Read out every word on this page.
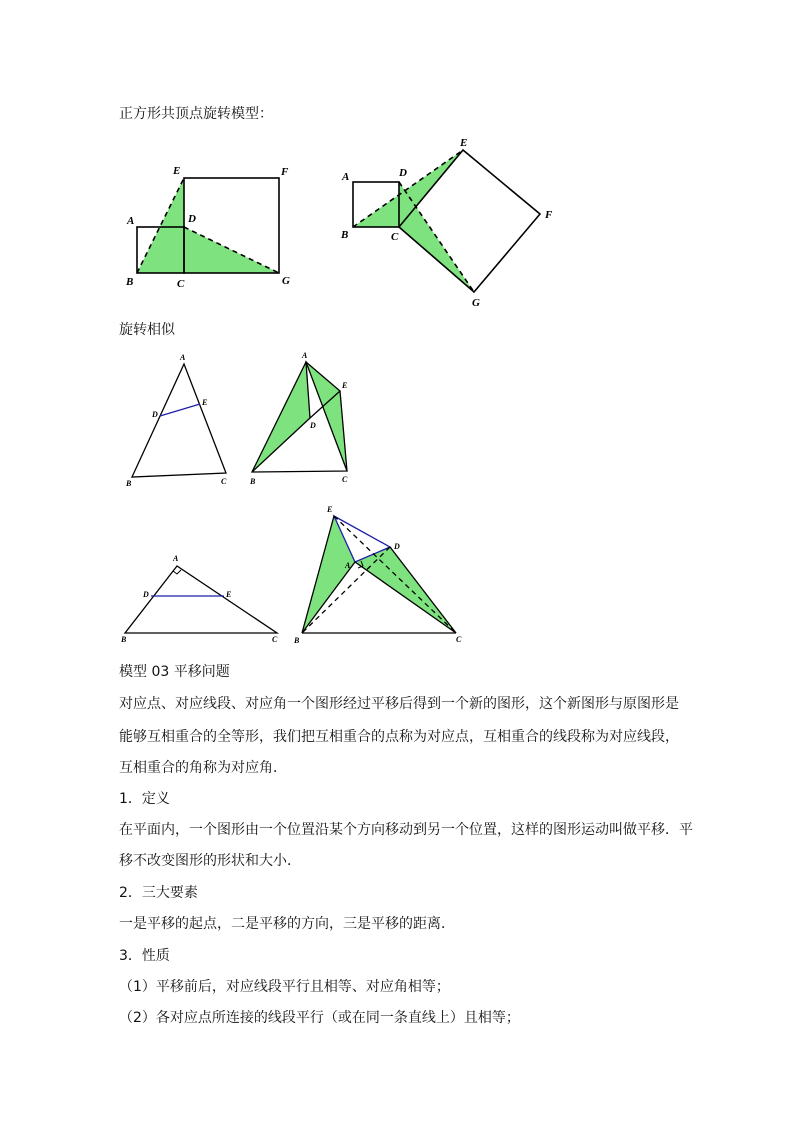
正方形共顶点旋转模型：
E	F
A	D
B	C	G
E
A	D
F
B	C
G
旋转相似
A
D
E
B	C
A
E
D
B	C
A
D	E
B	C
E
D
A
B	C
模型 03 平移问题
对应点、对应线段、对应角一个图形经过平移后得到一个新的图形，这个新图形与原图形是
能够互相重合的全等形，我们把互相重合的点称为对应点，互相重合的线段称为对应线段，
互相重合的角称为对应角．
1．定义
在平面内，一个图形由一个位置沿某个方向移动到另一个位置，这样的图形运动叫做平移．平
移不改变图形的形状和大小．
2．三大要素
一是平移的起点，二是平移的方向，三是平移的距离．
3．性质
（1）平移前后，对应线段平行且相等、对应角相等；
（2）各对应点所连接的线段平行（或在同一条直线上）且相等；
